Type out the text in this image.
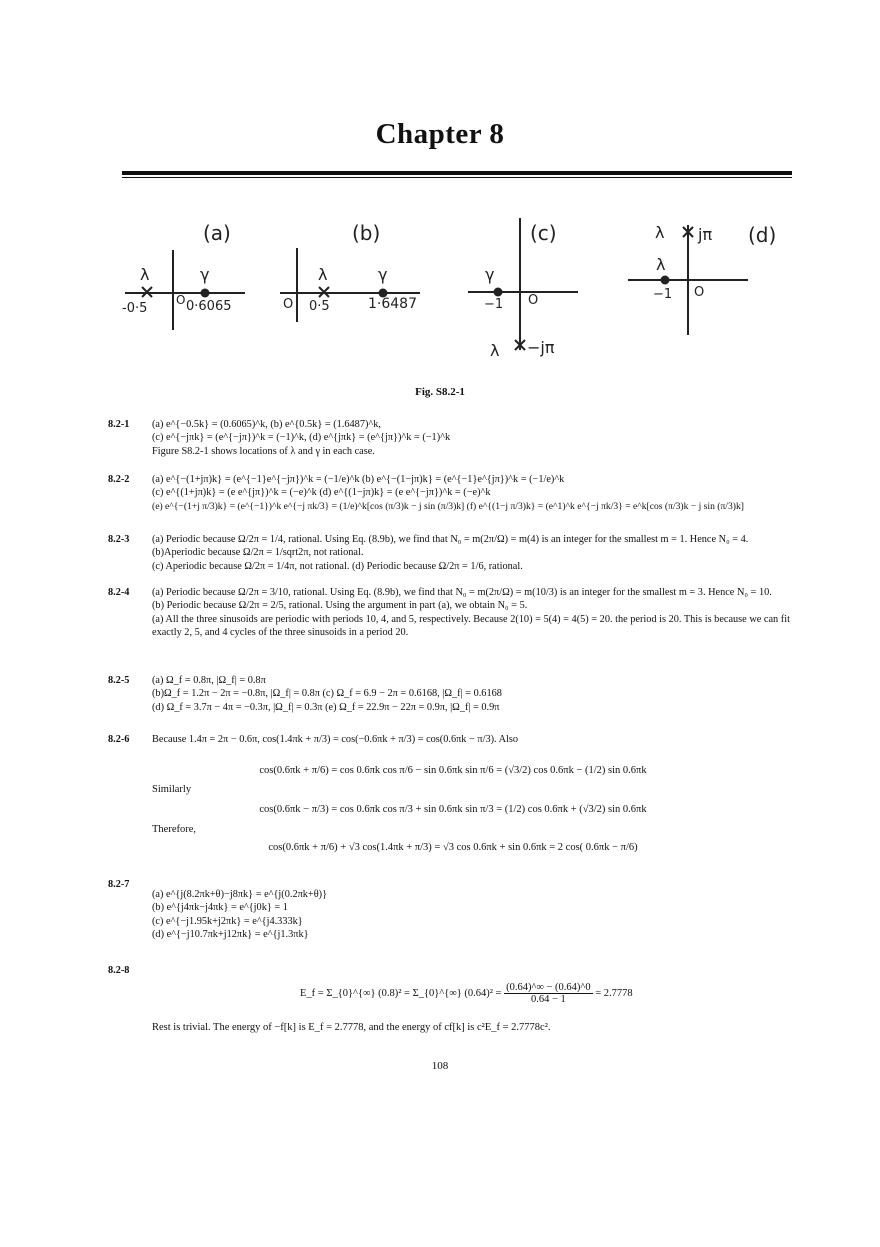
Chapter 8
(a)	(b)	(c)	(d)
λ	γ
O
-0·5	0·6065
λ	γ
O 0·5	1·6487
γ
O
−1
λ −jπ
λ jπ
λ
O
−1
Fig. S8.2-1
8.2-1 (a) e^{−0.5k} = (0.6065)^k, (b) e^{0.5k} = (1.6487)^k,
(c) e^{−jπk} = (e^{−jπ})^k = (−1)^k, (d) e^{jπk} = (e^{jπ})^k = (−1)^k
Figure S8.2-1 shows locations of λ and γ in each case.
8.2-2 (a) e^{−(1+jπ)k} = (e^{−1}e^{−jπ})^k = (−1/e)^k (b) e^{−(1−jπ)k} = (e^{−1}e^{jπ})^k = (−1/e)^k
(c) e^{(1+jπ)k} = (e e^{jπ})^k = (−e)^k (d) e^{(1−jπ)k} = (e e^{−jπ})^k = (−e)^k
(e) e^{−(1+j π/3)k} = (e^{−1})^k e^{−j πk/3} = (1/e)^k[cos (π/3)k − j sin (π/3)k] (f) e^{(1−j π/3)k} = (e^1)^k e^{−j πk/3} = e^k[cos (π/3)k − j sin (π/3)k]
8.2-3 (a) Periodic because Ω/2π = 1/4, rational. Using Eq. (8.9b), we find that N₀ = m(2π/Ω) = m(4) is an integer for the smallest m = 1. Hence N₀ = 4. (b)Aperiodic because Ω/2π = 1/sqrt2π, not rational.
(c) Aperiodic because Ω/2π = 1/4π, not rational. (d) Periodic because Ω/2π = 1/6, rational.
8.2-4 (a) Periodic because Ω/2π = 3/10, rational. Using Eq. (8.9b), we find that N₀ = m(2π/Ω) = m(10/3) is an integer for the smallest m = 3. Hence N₀ = 10.
(b) Periodic because Ω/2π = 2/5, rational. Using the argument in part (a), we obtain N₀ = 5.
(a) All the three sinusoids are periodic with periods 10, 4, and 5, respectively. Because 2(10) = 5(4) = 4(5) = 20. the period is 20. This is because we can fit exactly 2, 5, and 4 cycles of the three sinusoids in a period 20.
8.2-5 (a) Ω_f = 0.8π, |Ω_f| = 0.8π
(b)Ω_f = 1.2π − 2π = −0.8π, |Ω_f| = 0.8π (c) Ω_f = 6.9 − 2π = 0.6168, |Ω_f| = 0.6168
(d) Ω_f = 3.7π − 4π = −0.3π, |Ω_f| = 0.3π (e) Ω_f = 22.9π − 22π = 0.9π, |Ω_f| = 0.9π
8.2-6 Because 1.4π = 2π − 0.6π, cos(1.4πk + π/3) = cos(−0.6πk + π/3) = cos(0.6πk − π/3). Also
cos(0.6πk + π/6) = cos 0.6πk cos π/6 − sin 0.6πk sin π/6 = (√3/2) cos 0.6πk − (1/2) sin 0.6πk
Similarly
cos(0.6πk − π/3) = cos 0.6πk cos π/3 + sin 0.6πk sin π/3 = (1/2) cos 0.6πk + (√3/2) sin 0.6πk
Therefore,
cos(0.6πk + π/6) + √3 cos(1.4πk + π/3) = √3 cos 0.6πk + sin 0.6πk = 2 cos( 0.6πk − π/6)
8.2-7
(a) e^{j(8.2πk+θ)−j8πk} = e^{j(0.2πk+θ)}
(b) e^{j4πk−j4πk} = e^{j0k} = 1
(c) e^{−j1.95k+j2πk} = e^{j4.333k}
(d) e^{−j10.7πk+j12πk} = e^{j1.3πk}
8.2-8
E_f = Σ_{0}^{∞} (0.8)² = Σ_{0}^{∞} $(0.64)^2 = \frac{(0.64)\^{}\infty - (0.64)\^{}0}{0.64 - 1} = 2.7778$
Rest is trivial. The energy of −f[k] is E_f = 2.7778, and the energy of cf[k] is c²E_f = 2.7778c².
108
